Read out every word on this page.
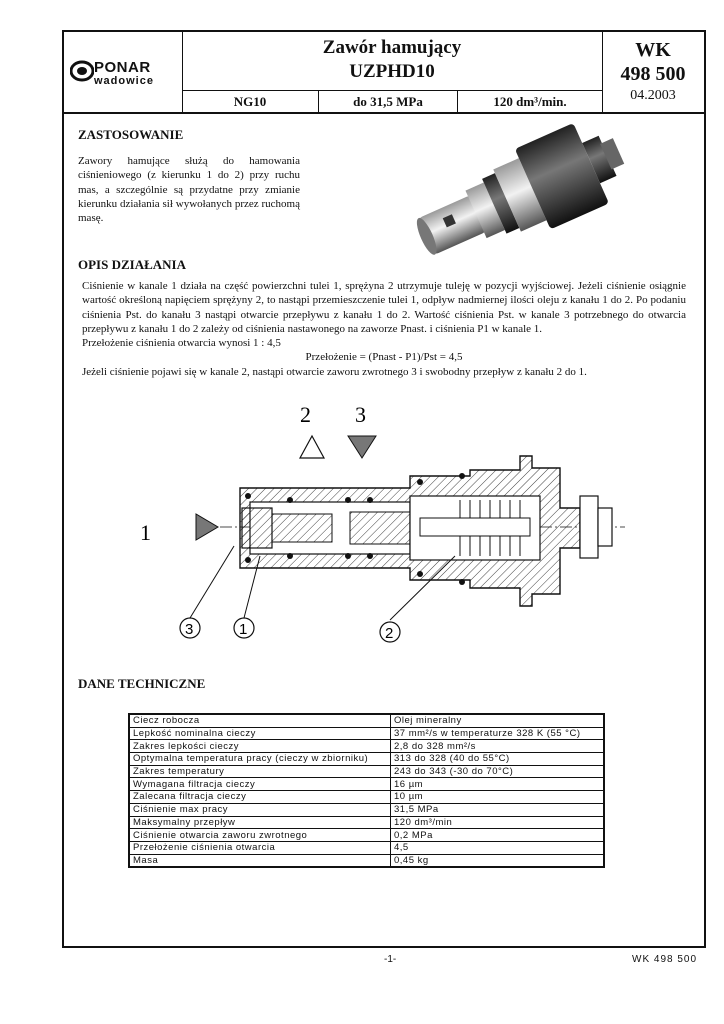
PONAR
wadowice
Zawór hamujący
UZPHD10
NG10	do 31,5 MPa	120 dm³/min.
WK
498 500
04.2003
ZASTOSOWANIE
Zawory hamujące służą do hamowania ciśnieniowego (z kierunku 1 do 2) przy ruchu mas, a szczególnie są przydatne przy zmianie kierunku działania sił wywołanych przez ruchomą masę.
OPIS DZIAŁANIA

Ciśnienie w kanale 1 działa na część powierzchni tulei 1, sprężyna 2 utrzymuje tuleję w pozycji wyjściowej. Jeżeli ciśnienie osiągnie wartość określoną napięciem sprężyny 2, to nastąpi przemieszczenie tulei 1, odpływ nadmiernej ilości oleju z kanału 1 do 2. Po podaniu ciśnienia Pst. do kanału 3 nastąpi otwarcie przepływu z kanału 1 do 2. Wartość ciśnienia Pst. w kanale 3 potrzebnego do otwarcia przepływu z kanału 1 do 2 zależy od ciśnienia nastawonego na zaworze Pnast. i ciśnienia P1 w kanale 1.

Przełożenie ciśnienia otwarcia wynosi 1 : 4,5

Przełożenie = (Pnast - P1)/Pst = 4,5

Jeżeli ciśnienie pojawi się w kanale 2, nastąpi otwarcie zaworu zwrotnego 3 i swobodny przepływ z kanału 2 do 1.

2 3
1
3	1	2
DANE TECHNICZNE
Ciecz robocza	Olej mineralny
Lepkość nominalna cieczy	37 mm²/s w temperaturze 328 K (55 °C)
Zakres lepkości cieczy	2,8 do 328 mm²/s
Optymalna temperatura pracy (cieczy w zbiorniku)	313 do 328 (40 do 55°C)
Zakres temperatury	243 do 343 (-30 do 70°C)
Wymagana filtracja cieczy	16 µm
Zalecana filtracja cieczy	10 µm
Ciśnienie max pracy	31,5 MPa
Maksymalny przepływ	120 dm³/min
Ciśnienie otwarcia zaworu zwrotnego	0,2 MPa
Przełożenie ciśnienia otwarcia	4,5
Masa	0,45 kg
-1-	WK 498 500
